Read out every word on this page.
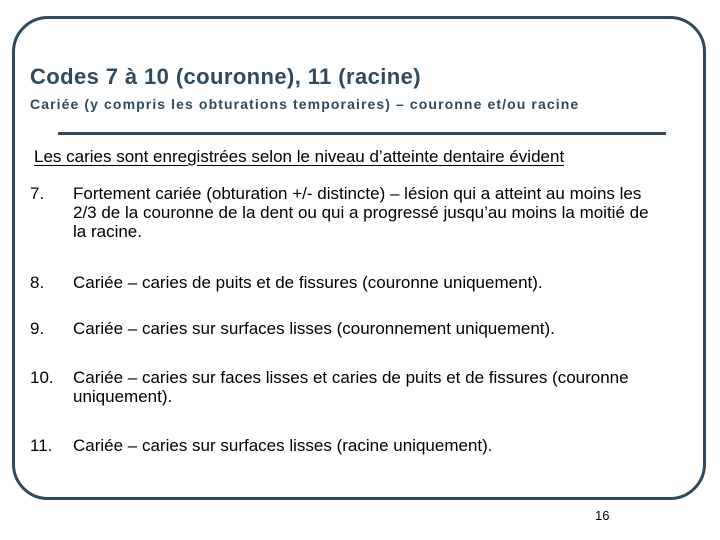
Codes 7 à 10 (couronne), 11 (racine)

Cariée (y compris les obturations temporaires) – couronne et/ou racine

Les caries sont enregistrées selon le niveau d’atteinte dentaire évident

7. Fortement cariée (obturation +/- distincte) – lésion qui a atteint au moins les 2/3 de la couronne de la dent ou qui a progressé jusqu’au moins la moitié de la racine.
8. Cariée – caries de puits et de fissures (couronne uniquement).
9. Cariée – caries sur surfaces lisses (couronnement uniquement).
10. Cariée – caries sur faces lisses et caries de puits et de fissures (couronne uniquement).
11. Cariée – caries sur surfaces lisses (racine uniquement).
16
